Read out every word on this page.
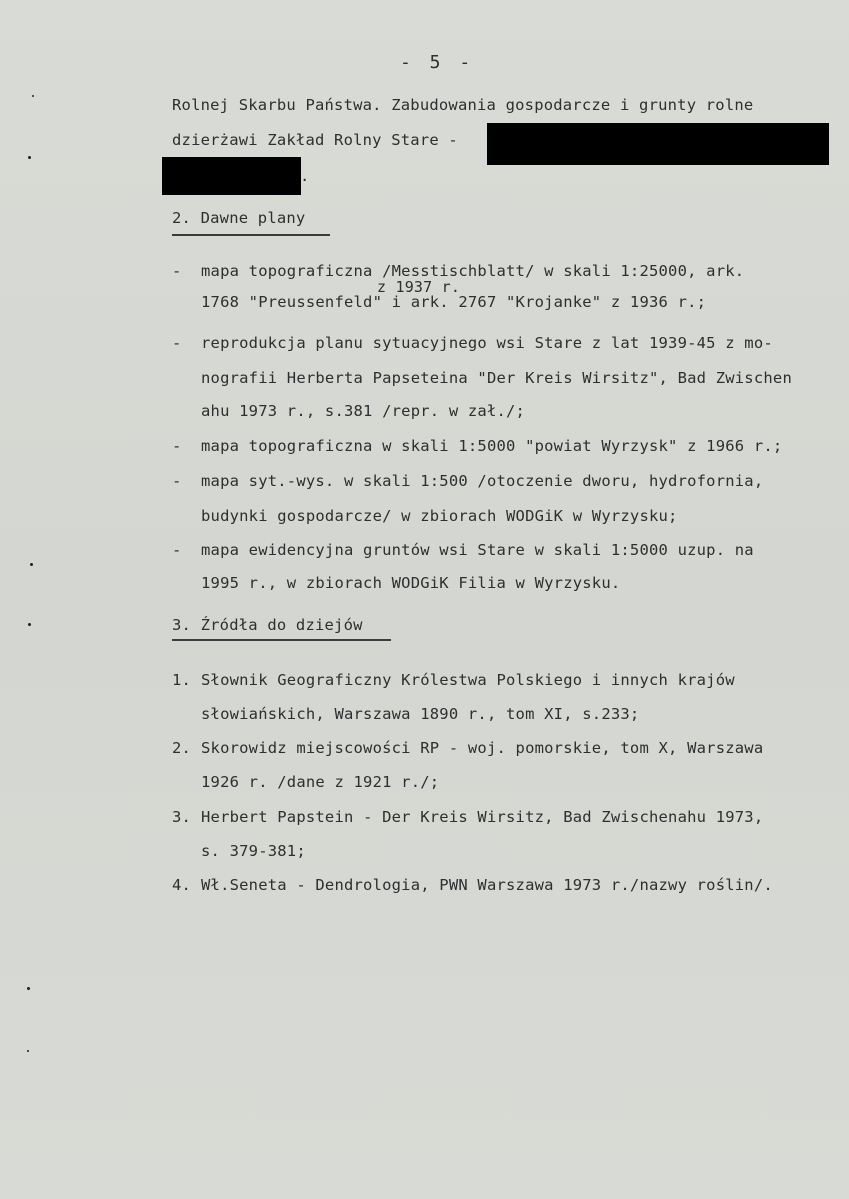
- 5 -
Rolnej Skarbu Państwa. Zabudowania gospodarcze i grunty rolne
dzierżawi Zakład Rolny Stare -
.
2. Dawne plany
- mapa topograficzna /Messtischblatt/ w skali 1:25000, ark.
z 1937 r.
1768 "Preussenfeld" i ark. 2767 "Krojanke" z 1936 r.;
- reprodukcja planu sytuacyjnego wsi Stare z lat 1939-45 z mo-
nografii Herberta Papseteina "Der Kreis Wirsitz", Bad Zwischen
ahu 1973 r., s.381 /repr. w zał./;
- mapa topograficzna w skali 1:5000 "powiat Wyrzysk" z 1966 r.;
- mapa syt.-wys. w skali 1:500 /otoczenie dworu, hydrofornia,
budynki gospodarcze/ w zbiorach WODGiK w Wyrzysku;
- mapa ewidencyjna gruntów wsi Stare w skali 1:5000 uzup. na
1995 r., w zbiorach WODGiK Filia w Wyrzysku.
3. Źródła do dziejów
1. Słownik Geograficzny Królestwa Polskiego i innych krajów
słowiańskich, Warszawa 1890 r., tom XI, s.233;
2. Skorowidz miejscowości RP - woj. pomorskie, tom X, Warszawa
1926 r. /dane z 1921 r./;
3. Herbert Papstein - Der Kreis Wirsitz, Bad Zwischenahu 1973,
s. 379-381;
4. Wł.Seneta - Dendrologia, PWN Warszawa 1973 r./nazwy roślin/.
